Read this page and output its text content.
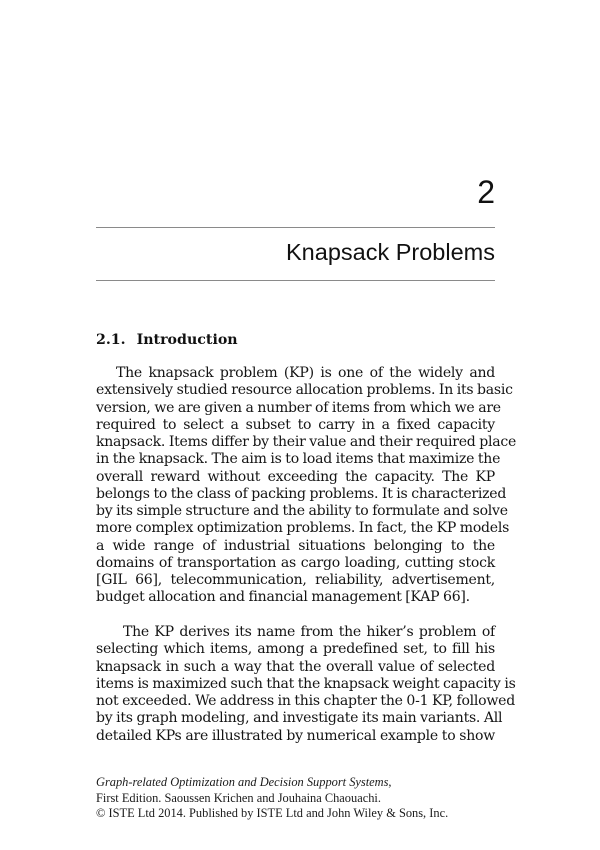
2
Knapsack Problems
2.1. Introduction
The knapsack problem (KP) is one of the widely and
extensively studied resource allocation problems. In its basic
version, we are given a number of items from which we are
required to select a subset to carry in a fixed capacity
knapsack. Items differ by their value and their required place
in the knapsack. The aim is to load items that maximize the
overall reward without exceeding the capacity. The KP
belongs to the class of packing problems. It is characterized
by its simple structure and the ability to formulate and solve
more complex optimization problems. In fact, the KP models
a wide range of industrial situations belonging to the
domains of transportation as cargo loading, cutting stock
[GIL 66], telecommunication, reliability, advertisement,
budget allocation and financial management [KAP 66].
The KP derives its name from the hiker’s problem of
selecting which items, among a predefined set, to fill his
knapsack in such a way that the overall value of selected
items is maximized such that the knapsack weight capacity is
not exceeded. We address in this chapter the 0-1 KP, followed
by its graph modeling, and investigate its main variants. All
detailed KPs are illustrated by numerical example to show
Graph-related Optimization and Decision Support Systems,
First Edition. Saoussen Krichen and Jouhaina Chaouachi.
© ISTE Ltd 2014. Published by ISTE Ltd and John Wiley & Sons, Inc.
